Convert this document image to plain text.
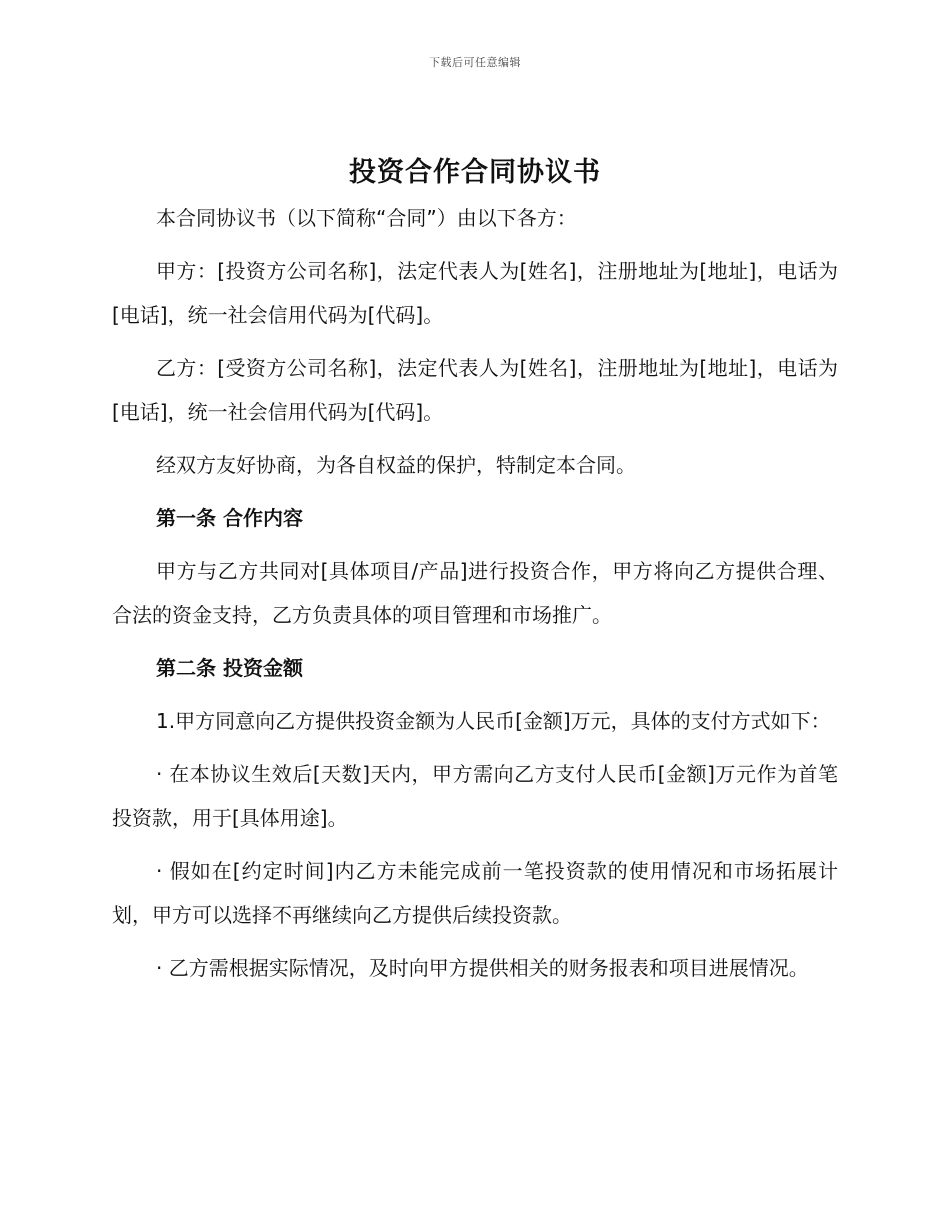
下载后可任意编辑
投资合作合同协议书

本合同协议书（以下简称“合同”）由以下各方：

甲方：[投资方公司名称]，法定代表人为[姓名]，注册地址为[地址]，电话为[电话]，统一社会信用代码为[代码]。

乙方：[受资方公司名称]，法定代表人为[姓名]，注册地址为[地址]，电话为[电话]，统一社会信用代码为[代码]。

经双方友好协商，为各自权益的保护，特制定本合同。

第一条 合作内容

甲方与乙方共同对[具体项目/产品]进行投资合作，甲方将向乙方提供合理、合法的资金支持，乙方负责具体的项目管理和市场推广。

第二条 投资金额

1.甲方同意向乙方提供投资金额为人民币[金额]万元，具体的支付方式如下：

· 在本协议生效后[天数]天内，甲方需向乙方支付人民币[金额]万元作为首笔投资款，用于[具体用途]。

· 假如在[约定时间]内乙方未能完成前一笔投资款的使用情况和市场拓展计划，甲方可以选择不再继续向乙方提供后续投资款。

· 乙方需根据实际情况，及时向甲方提供相关的财务报表和项目进展情况。
